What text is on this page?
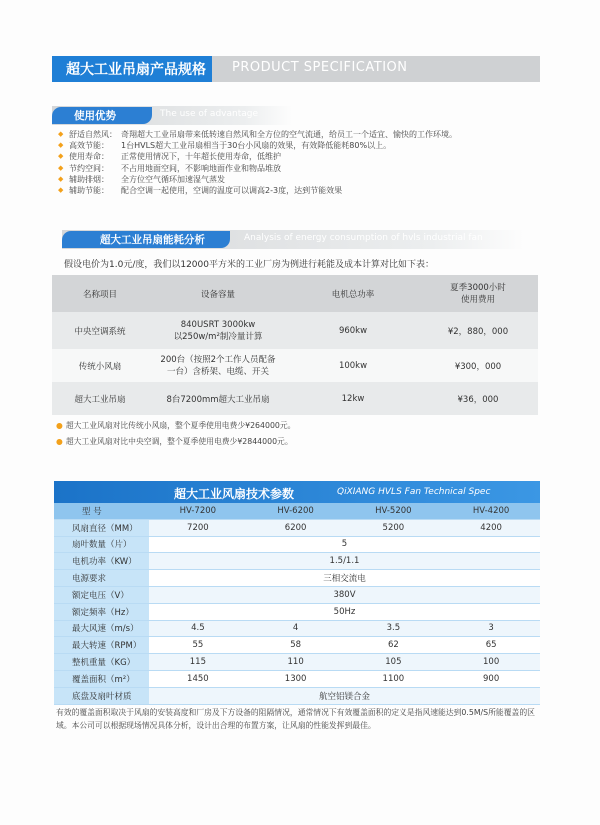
超大工业吊扇产品规格 PRODUCT SPECIFICATION
使用优势	The use of advantage
◆ 舒适自然风： 奇翔超大工业吊扇带来低转速自然风和全方位的空气流通，给员工一个适宜、愉快的工作环境。
◆ 高效节能： 1台HVLS超大工业吊扇相当于30台小风扇的效果，有效降低能耗80%以上。
◆ 使用寿命： 正常使用情况下，十年超长使用寿命，低维护
◆ 节约空间： 不占用地面空间，不影响地面作业和物品堆放
◆ 辅助排烟： 全方位空气循环加速湿气蒸发
◆ 辅助节能： 配合空调一起使用，空调的温度可以调高2-3度，达到节能效果
超大工业吊扇能耗分析	Analysis of energy consumption of hvls industrial fan
假设电价为1.0元/度，我们以12000平方米的工业厂房为例进行耗能及成本计算对比如下表：
名称项目	设备容量	电机总功率	夏季3000小时
使用费用
中央空调系统	840USRT 3000kw
以250w/m²制冷量计算	960kw	¥2，880，000
传统小风扇	200台（按照2个工作人员配备
一台）含桥架、电缆、开关	100kw	¥300，000
超大工业吊扇	8台7200mm超大工业吊扇	12kw	¥36，000
● 超大工业风扇对比传统小风扇，整个夏季使用电费少¥264000元。
● 超大工业风扇对比中央空调，整个夏季使用电费少¥2844000元。
超大工业风扇技术参数	QiXIANG HVLS Fan Technical Spec
型 号	HV-7200	HV-6200	HV-5200	HV-4200
风扇直径（MM）	7200	6200	5200	4200
扇叶数量（片）	5			
电机功率（KW）	1.5/1.1			
电源要求	三相交流电			
额定电压（V）	380V			
额定频率（Hz）	50Hz			
最大风速（m/s）	4.5	4	3.5	3
最大转速（RPM）	55	58	62	65
整机重量（KG）	115	110	105	100
覆盖面积（m²）	1450	1300	1100	900
底盘及扇叶材质	航空铝镁合金			
有效的覆盖面积取决于风扇的安装高度和厂房及下方设备的阻隔情况，通常情况下有效覆盖面积的定义是指风速能达到0.5M/S所能覆盖的区域。本公司可以根据现场情况具体分析，设计出合理的布置方案，让风扇的性能发挥到最佳。
